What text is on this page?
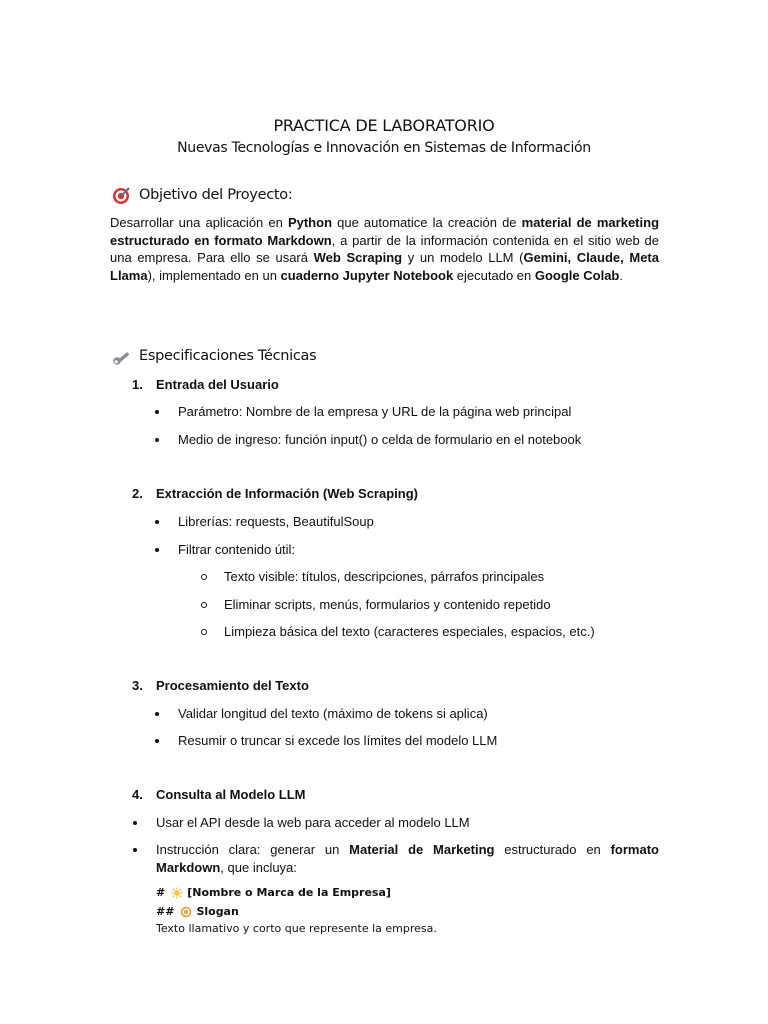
PRACTICA DE LABORATORIO
Nuevas Tecnologías e Innovación en Sistemas de Información
Objetivo del Proyecto:
Desarrollar una aplicación en Python que automatice la creación de material de marketing estructurado en formato Markdown, a partir de la información contenida en el sitio web de una empresa. Para ello se usará Web Scraping y un modelo LLM (Gemini, Claude, Meta Llama), implementado en un cuaderno Jupyter Notebook ejecutado en Google Colab.
Especificaciones Técnicas
1. Entrada del Usuario
Parámetro: Nombre de la empresa y URL de la página web principal
Medio de ingreso: función input() o celda de formulario en el notebook
2. Extracción de Información (Web Scraping)
Librerías: requests, BeautifulSoup
Filtrar contenido útil:
Texto visible: títulos, descripciones, párrafos principales
Eliminar scripts, menús, formularios y contenido repetido
Limpieza básica del texto (caracteres especiales, espacios, etc.)
3. Procesamiento del Texto
Validar longitud del texto (máximo de tokens si aplica)
Resumir o truncar si excede los límites del modelo LLM
4. Consulta al Modelo LLM
Usar el API desde la web para acceder al modelo LLM
Instrucción clara: generar un Material de Marketing estructurado en formato Markdown, que incluya:
# [Nombre o Marca de la Empresa]
## Slogan
Texto llamativo y corto que represente la empresa.
